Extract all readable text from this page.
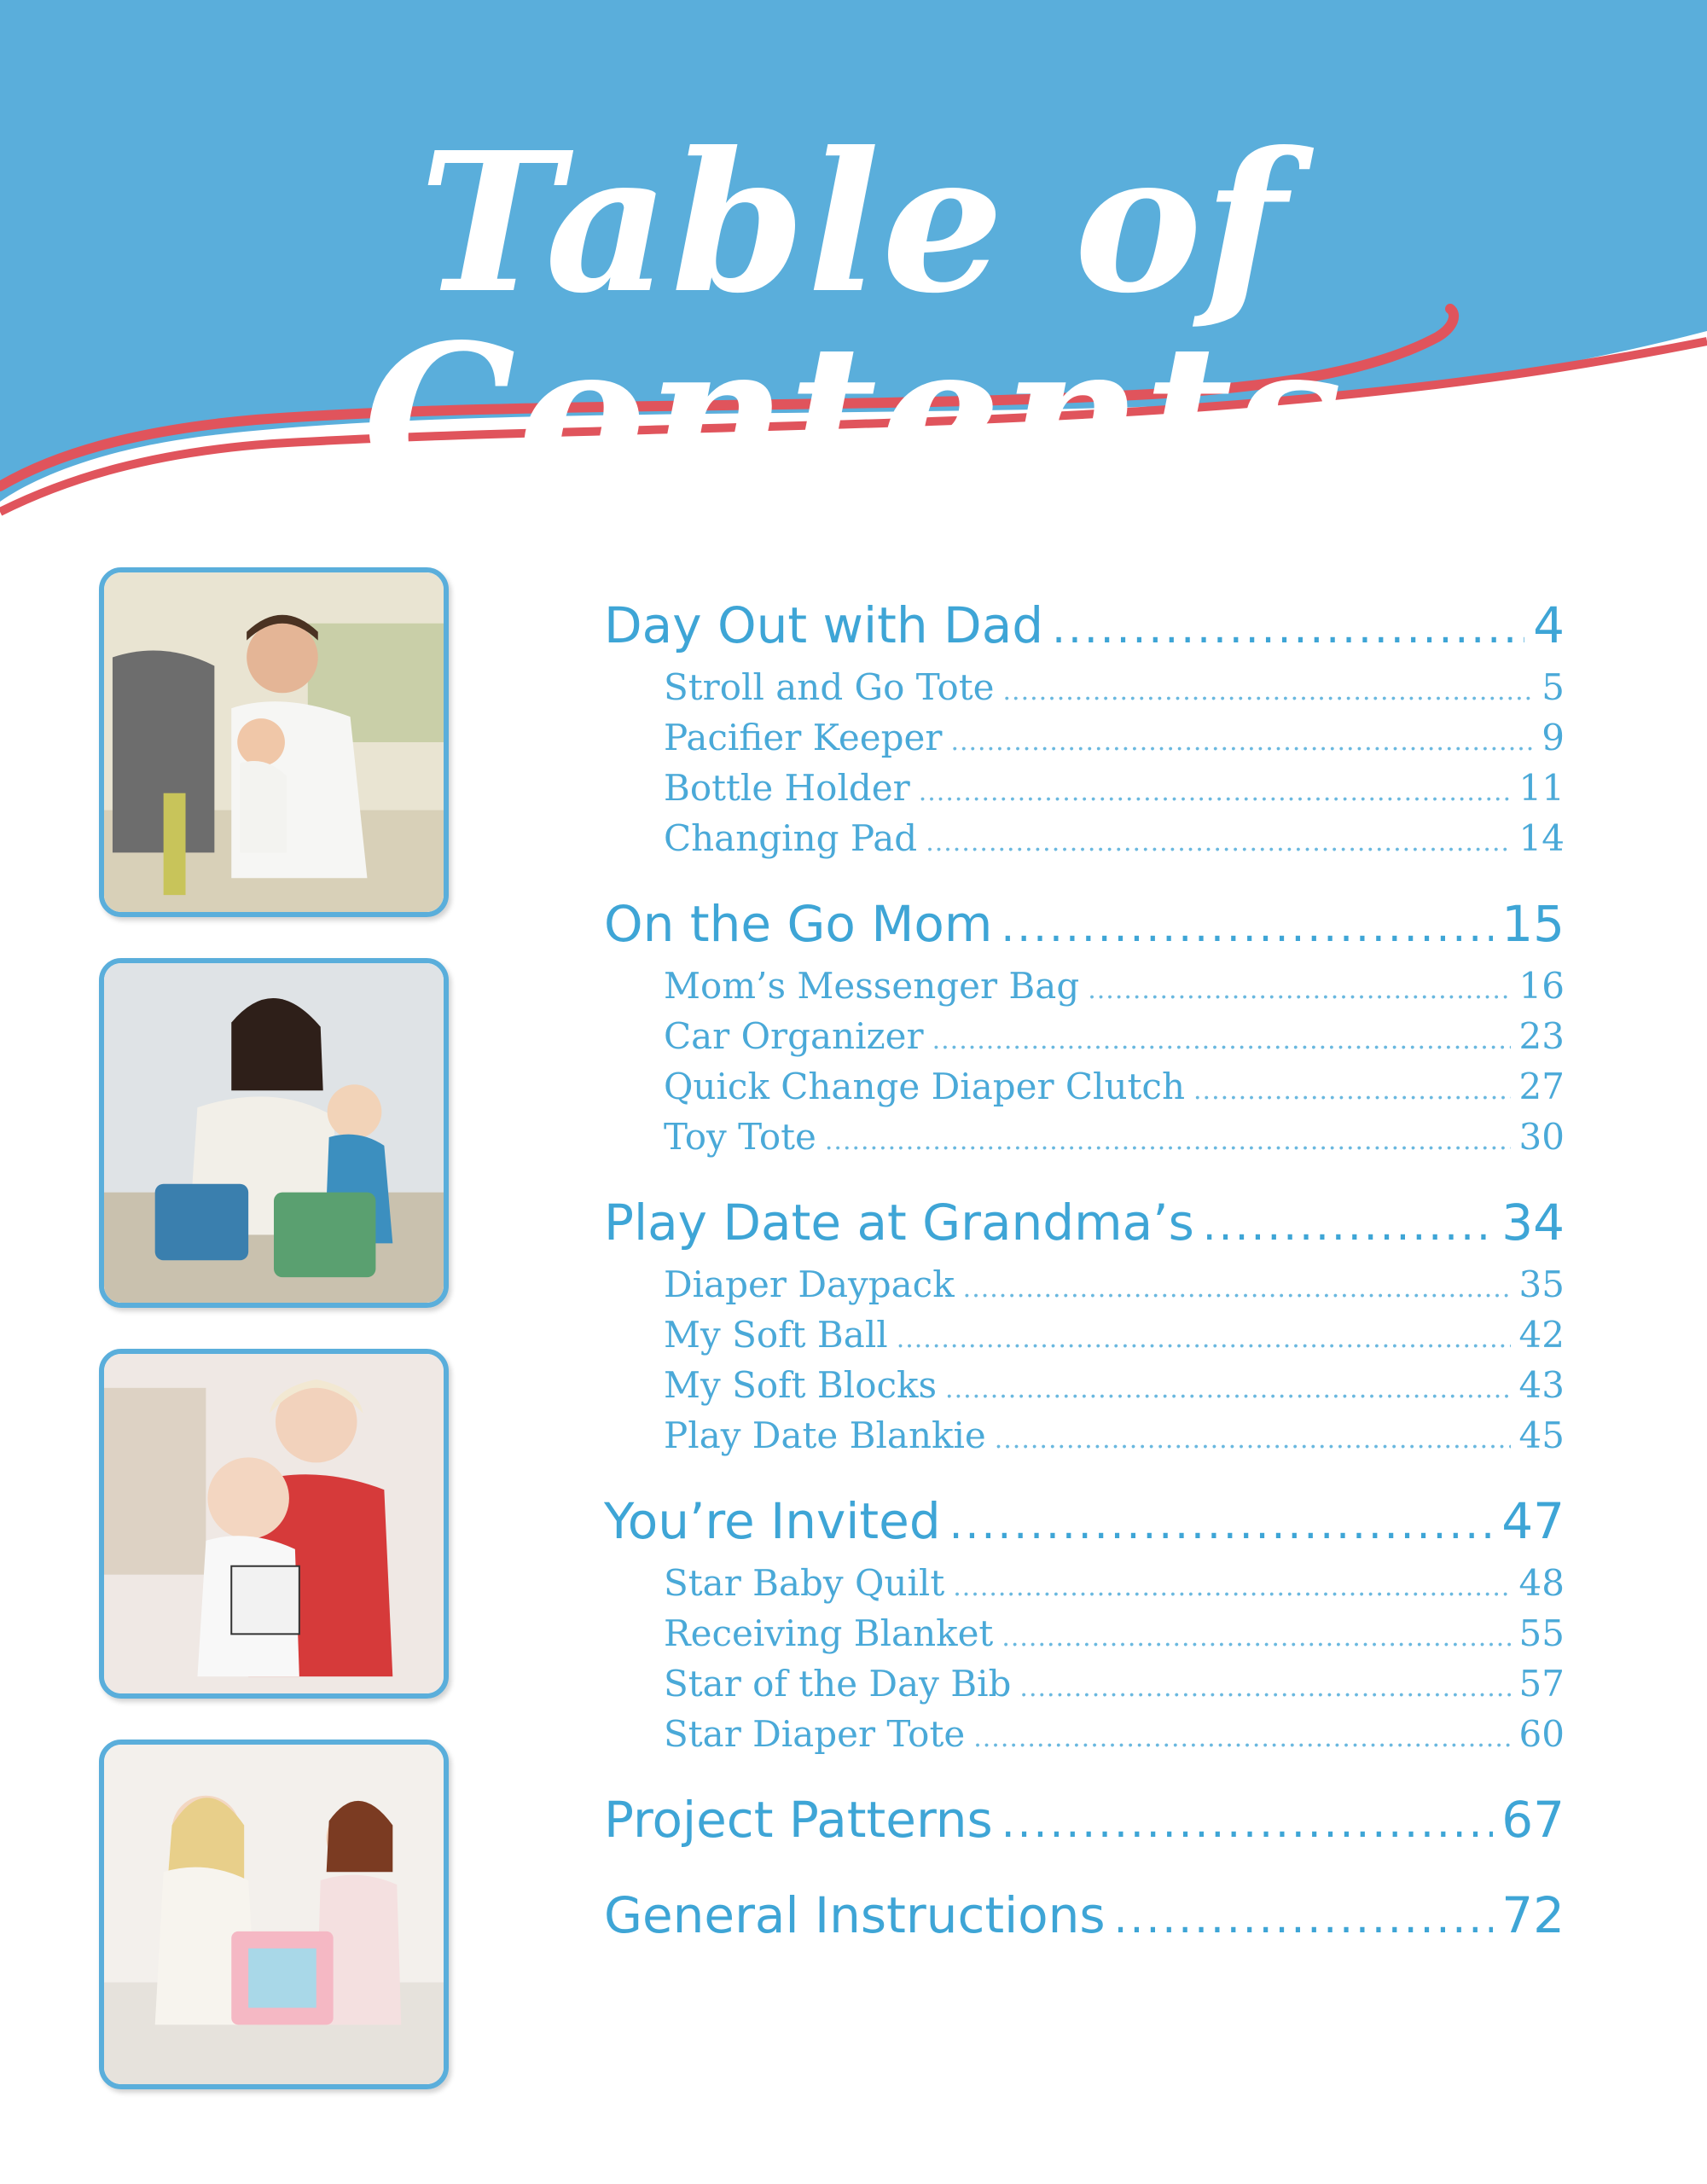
Table of Contents
Day Out with Dad .....	4
Stroll and Go Tote .....	5
Pacifier Keeper .....	9
Bottle Holder .....	11
Changing Pad .....	14
On the Go Mom .....	15
Mom’s Messenger Bag .....	16
Car Organizer .....	23
Quick Change Diaper Clutch .....	27
Toy Tote .....	30
Play Date at Grandma’s .....	34
Diaper Daypack .....	35
My Soft Ball .....	42
My Soft Blocks .....	43
Play Date Blankie .....	45
You’re Invited .....	47
Star Baby Quilt .....	48
Receiving Blanket .....	55
Star of the Day Bib .....	57
Star Diaper Tote .....	60
Project Patterns .....	67
General Instructions .....	72
